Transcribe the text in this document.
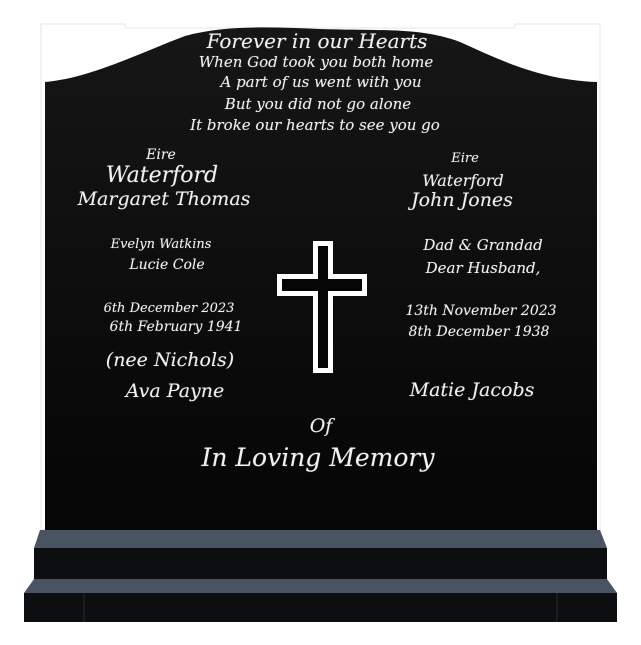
Forever in our Hearts
When God took you both home
A part of us went with you
But you did not go alone
It broke our hearts to see you go
Eire
Waterford
Margaret Thomas
Evelyn Watkins
Lucie Cole
6th December 2023
6th February 1941
(nee Nichols)
Ava Payne
Eire
Waterford
John Jones
Dad & Grandad
Dear Husband,
13th November 2023
8th December 1938
Matie Jacobs
Of
In Loving Memory
